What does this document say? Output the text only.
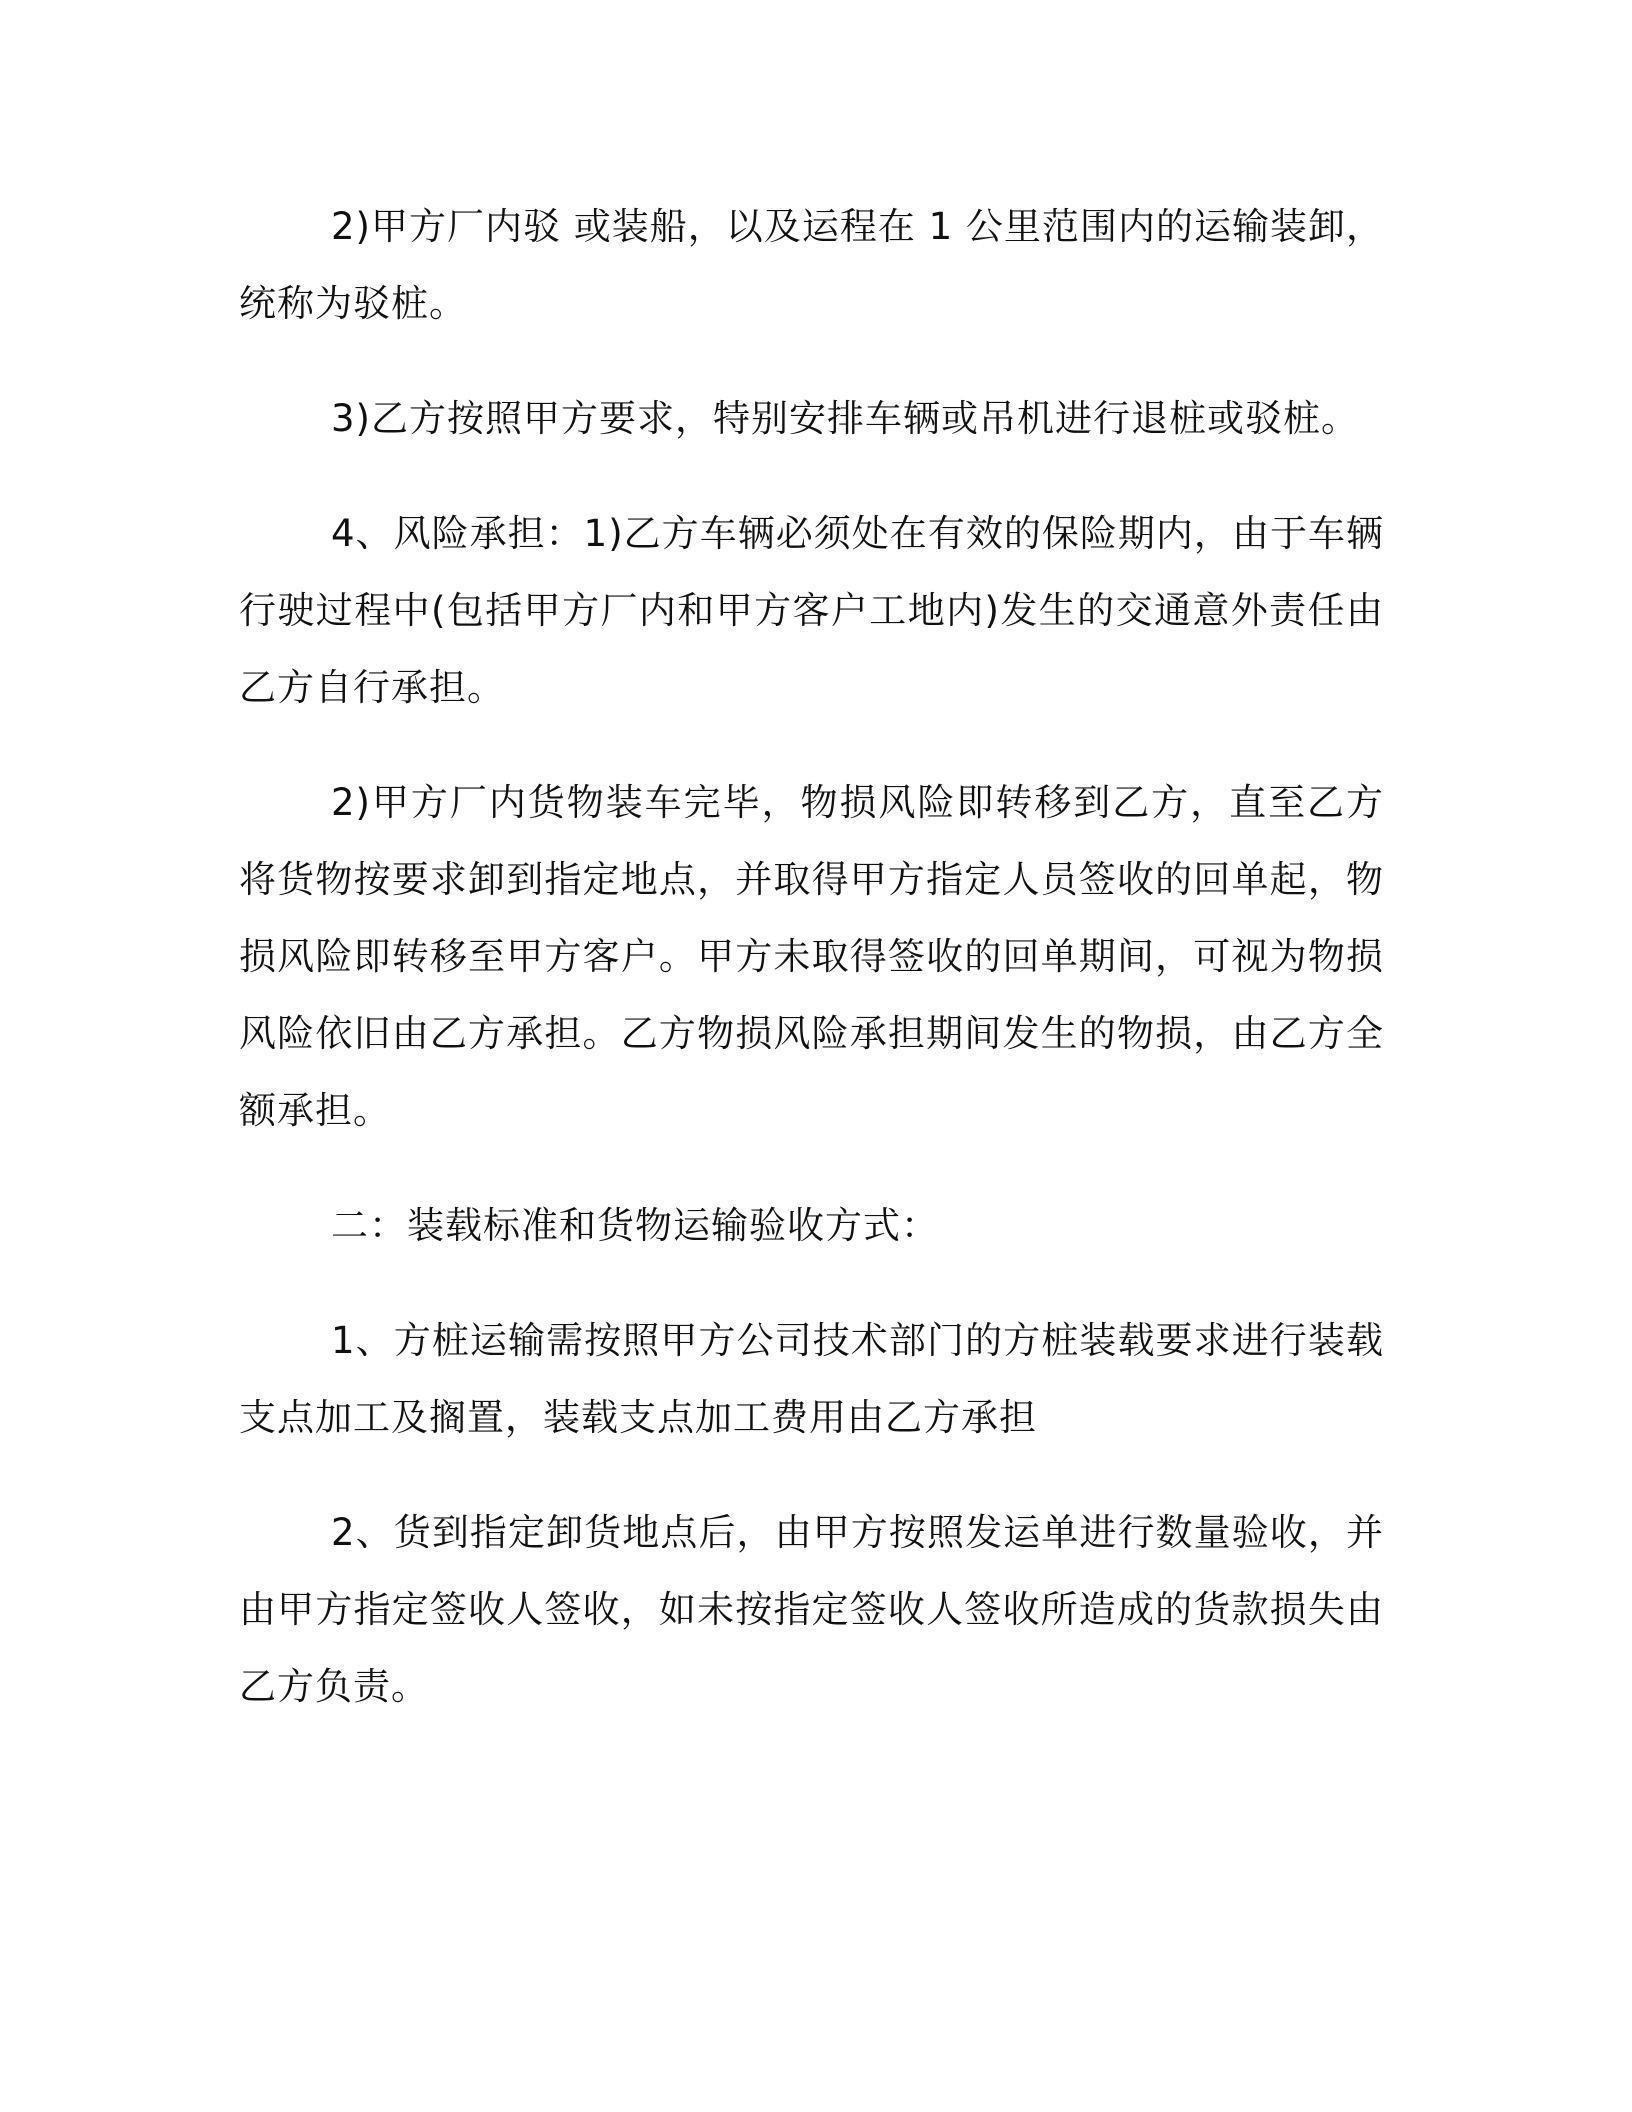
2)甲方厂内驳 或装船，以及运程在 1 公里范围内的运输装卸，统称为驳桩。

3)乙方按照甲方要求，特别安排车辆或吊机进行退桩或驳桩。

4、风险承担：1)乙方车辆必须处在有效的保险期内，由于车辆行驶过程中(包括甲方厂内和甲方客户工地内)发生的交通意外责任由乙方自行承担。

2)甲方厂内货物装车完毕，物损风险即转移到乙方，直至乙方将货物按要求卸到指定地点，并取得甲方指定人员签收的回单起，物损风险即转移至甲方客户。甲方未取得签收的回单期间，可视为物损风险依旧由乙方承担。乙方物损风险承担期间发生的物损，由乙方全额承担。

二：装载标准和货物运输验收方式：

1、方桩运输需按照甲方公司技术部门的方桩装载要求进行装载支点加工及搁置，装载支点加工费用由乙方承担

2、货到指定卸货地点后，由甲方按照发运单进行数量验收，并由甲方指定签收人签收，如未按指定签收人签收所造成的货款损失由乙方负责。
